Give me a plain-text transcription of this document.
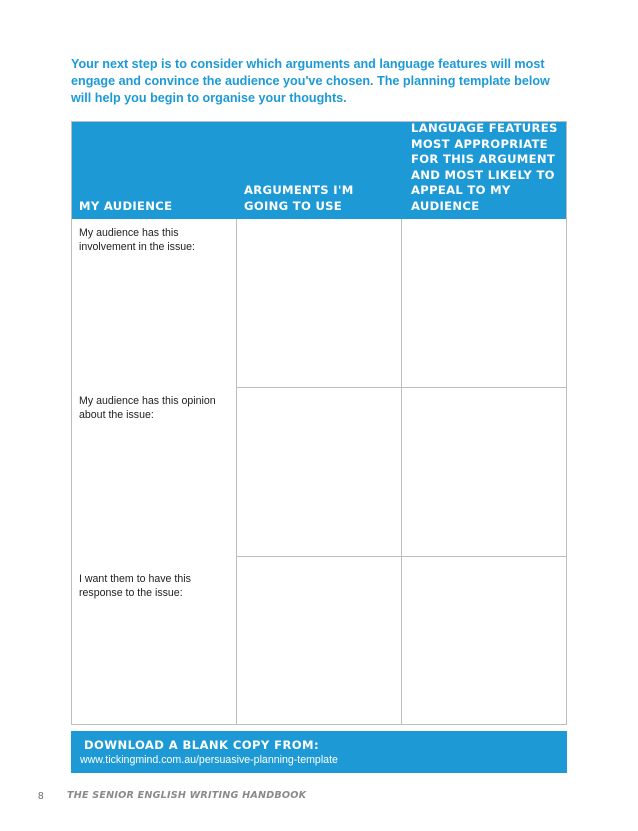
Your next step is to consider which arguments and language features will most engage and convince the audience you've chosen. The planning template below will help you begin to organise your thoughts.
MY AUDIENCE
ARGUMENTS I'M GOING TO USE
LANGUAGE FEATURES MOST APPROPRIATE FOR THIS ARGUMENT AND MOST LIKELY TO APPEAL TO MY AUDIENCE
My audience has this involvement in the issue:
My audience has this opinion about the issue:
I want them to have this response to the issue:
DOWNLOAD A BLANK COPY FROM:
www.tickingmind.com.au/persuasive-planning-template
8 THE SENIOR ENGLISH WRITING HANDBOOK
